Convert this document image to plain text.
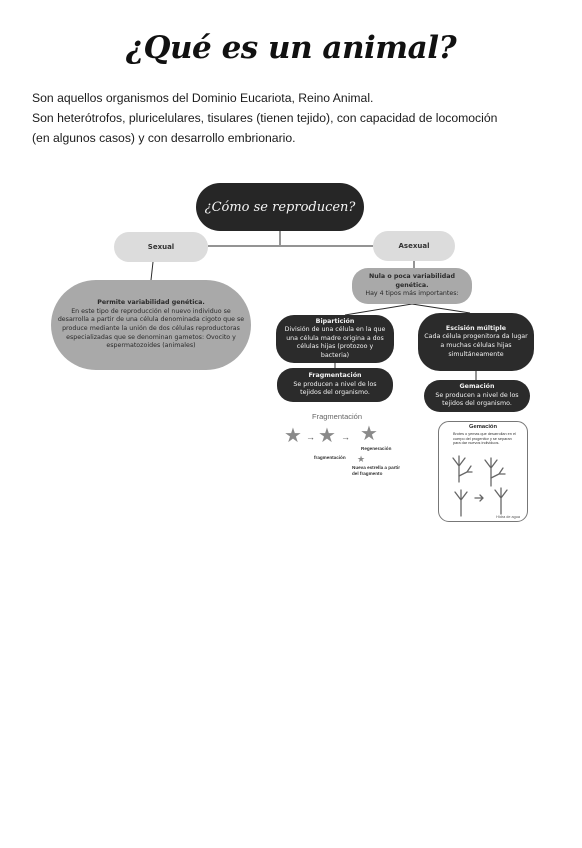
¿Qué es un animal?
Son aquellos organismos del Dominio Eucariota, Reino Animal.
Son heterótrofos, pluricelulares, tisulares (tienen tejido), con capacidad de locomoción
(en algunos casos) y con desarrollo embrionario.
¿Cómo se reproducen?
Sexual	Asexual
Permite variabilidad genética.
En este tipo de reproducción el nuevo individuo se desarrolla a partir de una célula denominada cigoto que se produce mediante la unión de dos células reproductoras especializadas que se denominan gametos: Ovocito y espermatozoides (animales)
Nula o poca variabilidad genética.
Hay 4 tipos más importantes:
Bipartición
División de una célula en la que una célula madre origina a dos células hijas (protozoo y bacteria)
Escisión múltiple
Cada célula progenitora da lugar a muchas células hijas simultáneamente
Fragmentación
Se producen a nivel de los tejidos del organismo.
Gemación
Se producen a nivel de los tejidos del organismo.
Fragmentación
★ → ★ → ★
★
fragmentación
Regeneración
Nueva estrella a partir del fragmento
Gemación
Brotes o yemas que desarrollan en el cuerpo del progenitor y se separan para dar nuevos individuos.
Hidra de agua
